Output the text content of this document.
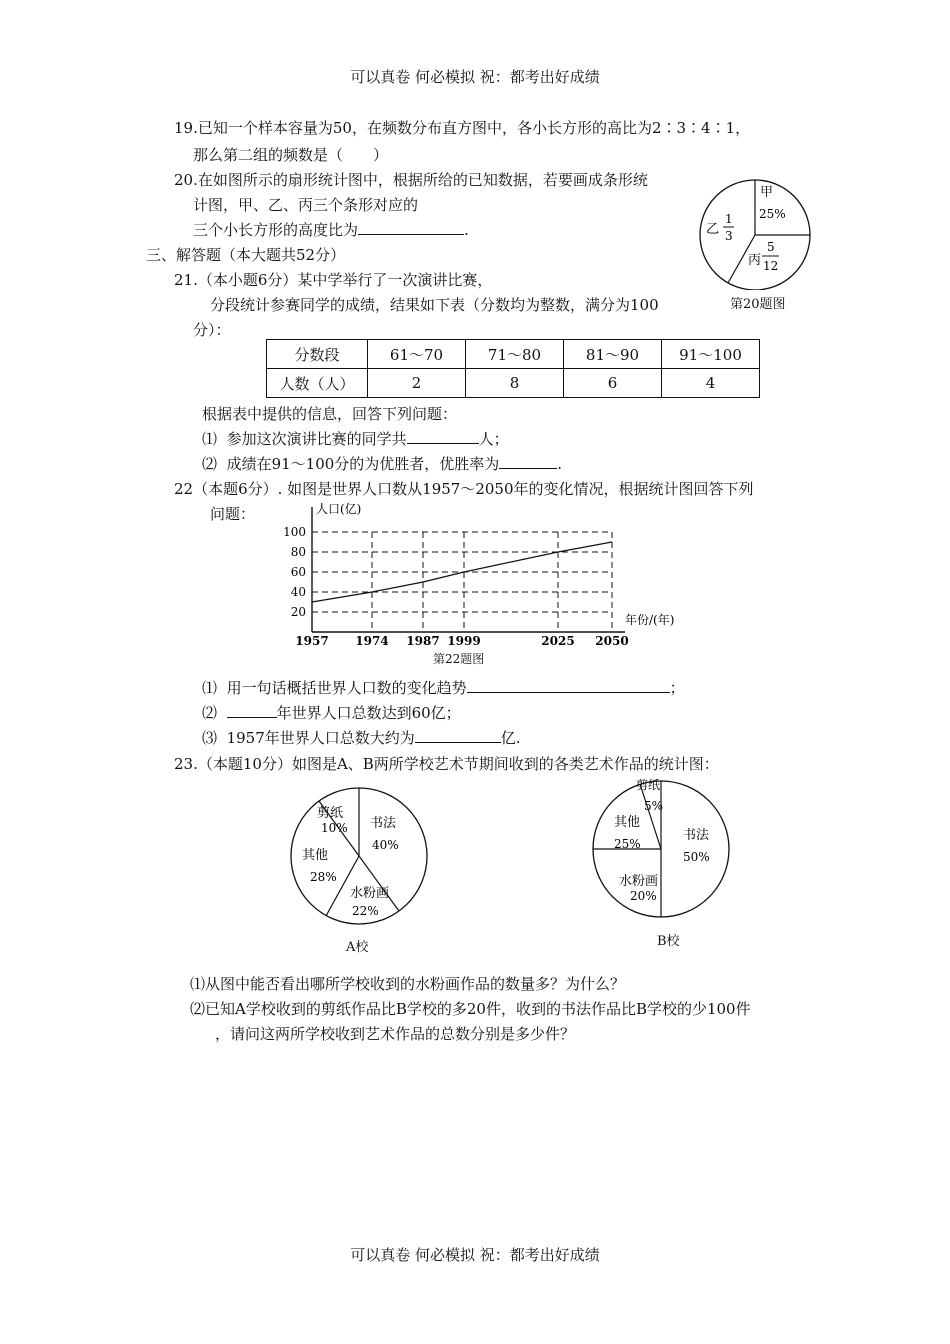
可以真卷 何必模拟 祝：都考出好成绩
19.已知一个样本容量为50，在频数分布直方图中，各小长方形的高比为2∶3∶4∶1，
那么第二组的频数是（　　）
20.在如图所示的扇形统计图中，根据所给的已知数据，若要画成条形统
计图，甲、乙、丙三个条形对应的
三个小长方形的高度比为	.
甲
25%
乙
1
3
丙
5
12
第20题图
三、解答题（本大题共52分）
21.（本小题6分）某中学举行了一次演讲比赛，
分段统计参赛同学的成绩，结果如下表（分数均为整数，满分为100
分）：
分数段	61～70	71～80	81～90	91～100
人数（人）	2	8	6	4
根据表中提供的信息，回答下列问题：
⑴ 参加这次演讲比赛的同学共	人；
⑵ 成绩在91～100分的为优胜者，优胜率为	.
22（本题6分）. 如图是世界人口数从1957～2050年的变化情况，根据统计图回答下列
问题：
20
40
60
80
100
1957 1974 1987 1999	2025 2050
人口(亿)
年份/(年)
第22题图
⑴ 用一句话概括世界人口数的变化趋势	；
⑵	年世界人口总数达到60亿；
⑶ 1957年世界人口总数大约为	亿.
23.（本题10分）如图是A、B两所学校艺术节期间收到的各类艺术作品的统计图：
剪纸
10% 书法
40%
水粉画
22%
其他
28%
A校
剪纸
5%
书法
50%
水粉画
20%
其他
25%
B校
⑴从图中能否看出哪所学校收到的水粉画作品的数量多？为什么？
⑵已知A学校收到的剪纸作品比B学校的多20件，收到的书法作品比B学校的少100件
，请问这两所学校收到艺术作品的总数分别是多少件？
可以真卷 何必模拟 祝：都考出好成绩
